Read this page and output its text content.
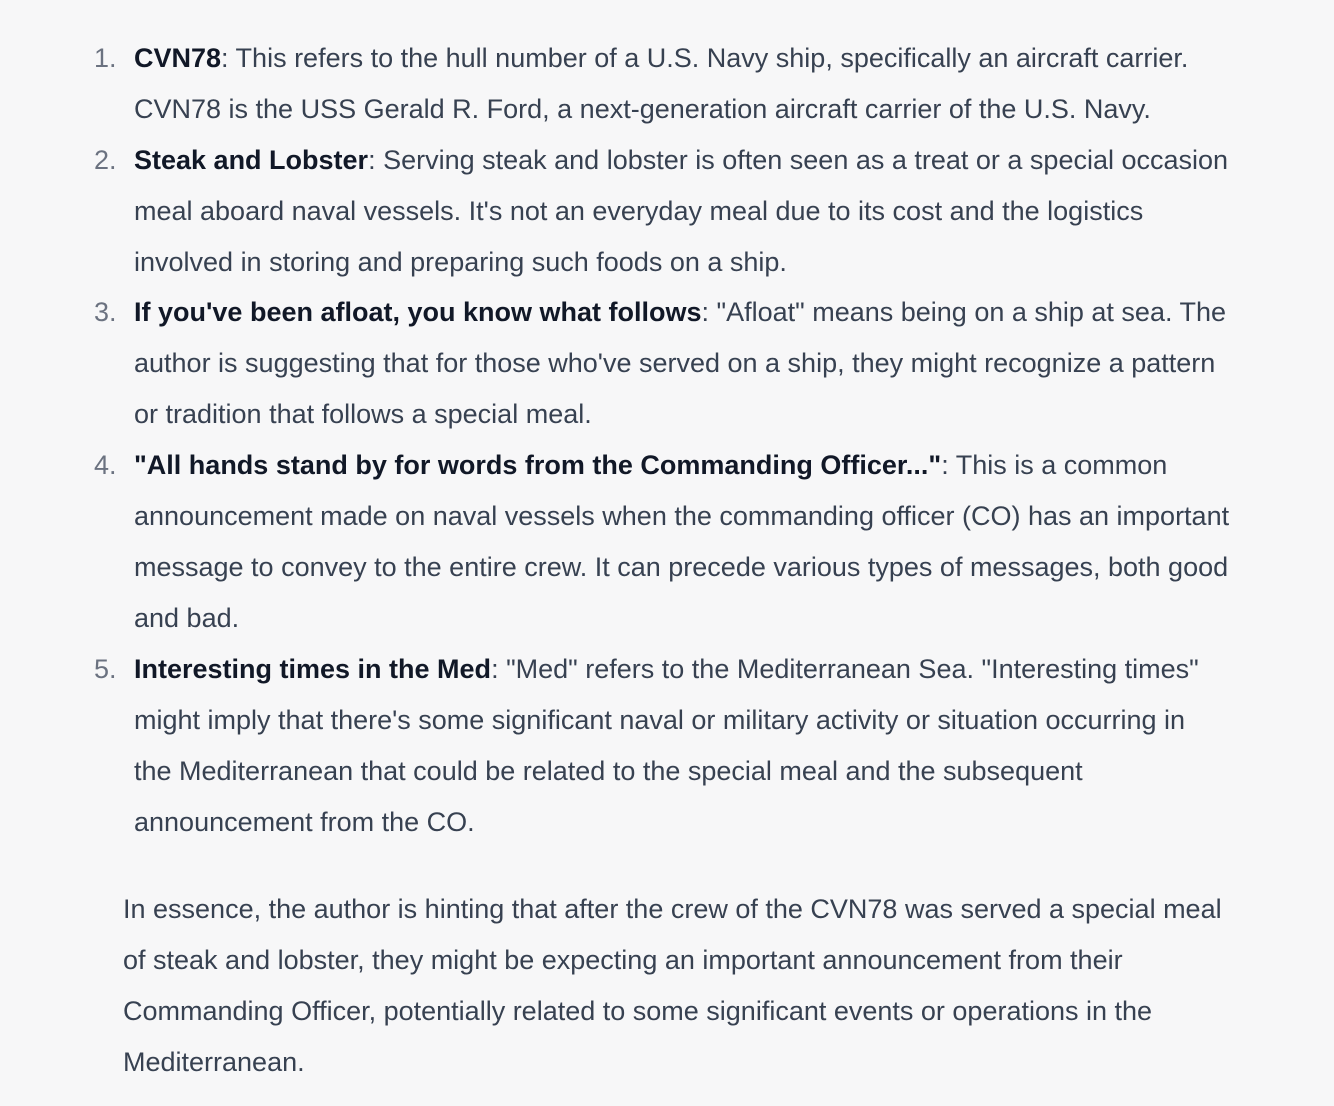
1. CVN78: This refers to the hull number of a U.S. Navy ship, specifically an aircraft carrier.
CVN78 is the USS Gerald R. Ford, a next-generation aircraft carrier of the U.S. Navy.
2. Steak and Lobster: Serving steak and lobster is often seen as a treat or a special occasion
meal aboard naval vessels. It's not an everyday meal due to its cost and the logistics
involved in storing and preparing such foods on a ship.
3. If you've been afloat, you know what follows: "Afloat" means being on a ship at sea. The
author is suggesting that for those who've served on a ship, they might recognize a pattern
or tradition that follows a special meal.
4. "All hands stand by for words from the Commanding Officer...": This is a common
announcement made on naval vessels when the commanding officer (CO) has an important
message to convey to the entire crew. It can precede various types of messages, both good
and bad.
5. Interesting times in the Med: "Med" refers to the Mediterranean Sea. "Interesting times"
might imply that there's some significant naval or military activity or situation occurring in
the Mediterranean that could be related to the special meal and the subsequent
announcement from the CO.
In essence, the author is hinting that after the crew of the CVN78 was served a special meal
of steak and lobster, they might be expecting an important announcement from their
Commanding Officer, potentially related to some significant events or operations in the
Mediterranean.
